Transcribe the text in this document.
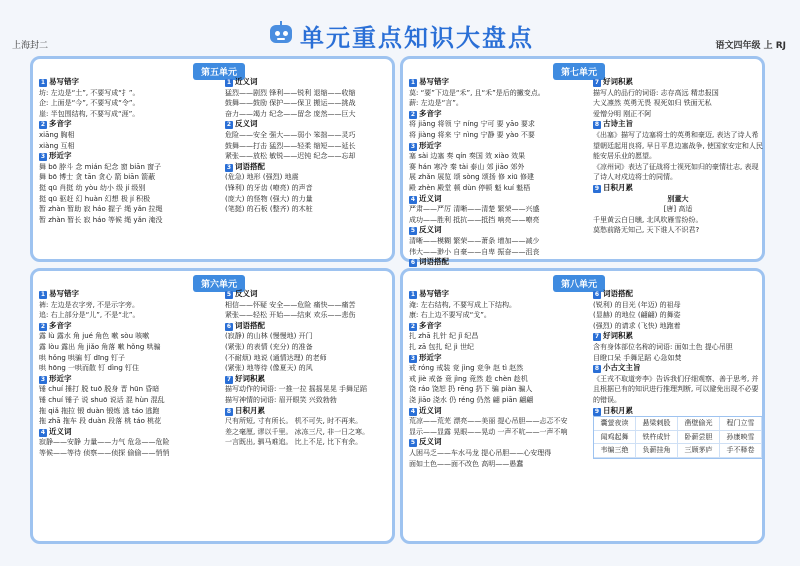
上海封二	单元重点知识大盘点	语文四年级 上 RJ
第五单元
1 易写错字
坊: 左边是“土”, 不要写成“扌”。
企: 上面是“今”, 不要写成“令”。
崖: 半包围结构, 不要写成“涯”。
2 多音字
xiāng 胸相
xiàng 互相
3 形近字
舞 bō 脖斗 念 mián 纪念 窗 biān 窗子
舞 bō 博士 贪 tān 贪心 箭 biān 箭蔽
挺 qū 肖挺 幼 yòu 幼小 级 jí 级别
挺 qū 驱赶 幻 huàn 幻想 极 jí 积极
暂 zhàn 暂助 寂 háo 握子 绳 yǎn 拉绳
暂 zhàn 暂长 寂 háo 等候 绳 yǎn 淹没
1 近义词
猛烈——剧烈 锋利——锐利 退缩——收缩
鼓舞——鼓励 保护——保卫 搬运——挑战
奋力——竭力 纪念——留念 庞然——巨大
2 反义词
危险——安全 强大——弱小 笨拙——灵巧
鼓舞——打击 猛烈——轻柔 缩短——延长
紧张——放松 敏锐——迟钝 纪念——忘却
3 词语搭配
(危急) 地形 (强烈) 地震
(锋利) 的牙齿 (嘹亮) 的声音
(庞大) 的怪物 (强大) 的力量
(笔挺) 的石板 (整齐) 的木桩
第七单元
1 易写错字
莫: “要”下边是“禾”, 且“禾”是后的撇变点。
薪: 左边是“言”。
2 多音字
将 jiāng 将领 宁 níng 宁可 要 yāo 要求
将 jiàng 将来 宁 nìng 宁静 要 yào 不要
3 形近字
塞 sài 边塞 奏 qín 奏国 效 xiào 效果
赛 hán 寒冷 秦 tài 泰山 郊 jiāo 郊外
展 zhǎn 展览 颂 sòng 颂扬 修 xiū 修建
殿 zhèn 殿堂 顿 dùn 停顿 魁 kuí 魁梧
4 近义词
严肃——严厉 清晰——清楚 繁荣——兴盛
成功——胜利 抵抗——抵挡 响亮——嘹亮
5 反义词
清晰——模糊 繁荣——萧条 增加——减少
伟大——渺小 自豪——自卑 振奋——沮丧
6 词语搭配
7 好词积累
描写人的品行的词语: 志存高远 精忠报国
大义凛然 英勇无畏 视死如归 铁面无私
爱憎分明 刚正不阿
8 古诗主旨
《出塞》描写了边塞将士的英勇和豪迈, 表达了诗人希望朝廷起用良将, 早日平息边塞战争, 使国家安定和人民能安居乐业的愿望。
《凉州词》表达了征战将士视死如归的豪情壮志, 表现了诗人对戍边将士的同情。
9 日积月累
别董大
[唐] 高适
千里黄云白日曛, 北风吹雁雪纷纷。
莫愁前路无知己, 天下谁人不识君?
第六单元
1 易写错字
裤: 左边是衣字旁, 不是示字旁。
追: 右上部分是“儿”, 不是“北”。
2 多音字
露 lù 露水 角 jué 角色 嗽 sòu 咳嗽
露 lòu 露出 角 jiǎo 角落 嗽 hǒng 哄骗
哄 hǒng 哄骗 钉 dīng 钉子
哄 hōng 一哄而散 钉 dìng 钉住
3 形近字
锤 chuí 捶打 脱 tuō 脱身 晋 hūn 昏暗
锤 chuí 锤子 说 shuō 说话 混 hùn 混乱
拖 qiǎ 拖拉 锻 duàn 锻炼 逃 táo 逃跑
拖 zhā 拖车 段 duàn 段落 桃 táo 桃花
4 近义词
寂静——安静 力量——力气 危急——危险
等候——等待 侦察——侦探 偷偷——悄悄
5 反义词
相信——怀疑 安全——危险 痛快——痛苦
紧张——轻松 开始——结束 欢乐——悲伤
6 词语搭配
(寂静) 的山林 (慢慢地) 开门
(紧张) 的表情 (充分) 的准备
(不耐烦) 地说 (通情达理) 的老师
(紧张) 地等待 (像夏天) 的风
7 好词积累
描写动作的词语: 一推一拉 摇摇晃晃 手舞足蹈
描写神情的词语: 眉开眼笑 兴致勃勃
8 日积月累
尺有所短, 寸有所长。 机不可失, 时不再来。
差之毫厘, 谬以千里。 冰冻三尺, 非一日之寒。
一言既出, 驷马难追。 比上不足, 比下有余。
第八单元
1 易写错字
淹: 左右结构, 不要写成上下结构。
康: 右上边不要写成“戈”。
2 多音字
扎 zhā 扎针 纪 jǐ 纪昌
扎 zā 包扎 纪 jì 世纪
3 形近字
戒 róng 戒装 竞 jìng 竞争 赵 tì 赵然
戒 jiè 戒备 竟 jìng 竟然 趁 chèn 趁机
饶 ráo 饶恕 扔 rēng 扔下 骗 piàn 骗人
浇 jiāo 浇水 仍 réng 仍然 翩 piān 翩翩
4 近义词
荒凉——荒芜 漂亮——美丽 提心吊胆——忐忑不安
显示——显露 晃眼——晃动 一声不吭——一声不响
5 反义词
人困马乏——车水马龙 提心吊胆——心安理得
面如土色——面不改色 高明——愚蠢
6 词语搭配
(锐利) 的目光 (年迈) 的祖母
(显赫) 的地位 (翩翩) 的舞姿
(强烈) 的请求 (飞快) 地跑着
7 好词积累
含有身体部位名称的词语: 面如土色 提心吊胆
目瞪口呆 手舞足蹈 心急如焚
8 小古文主旨
《王戎不取道旁李》告诉我们仔细观察、善于思考, 并且根据已有的知识进行推理判断, 可以避免出现不必要的错误。
9 日积月累
囊萤夜读	悬梁刺股	凿壁偷光	程门立雪
闻鸡起舞	铁杵成针	卧薪尝胆	孙康映雪
韦编三绝	负薪挂角	三顾茅庐	手不释卷
